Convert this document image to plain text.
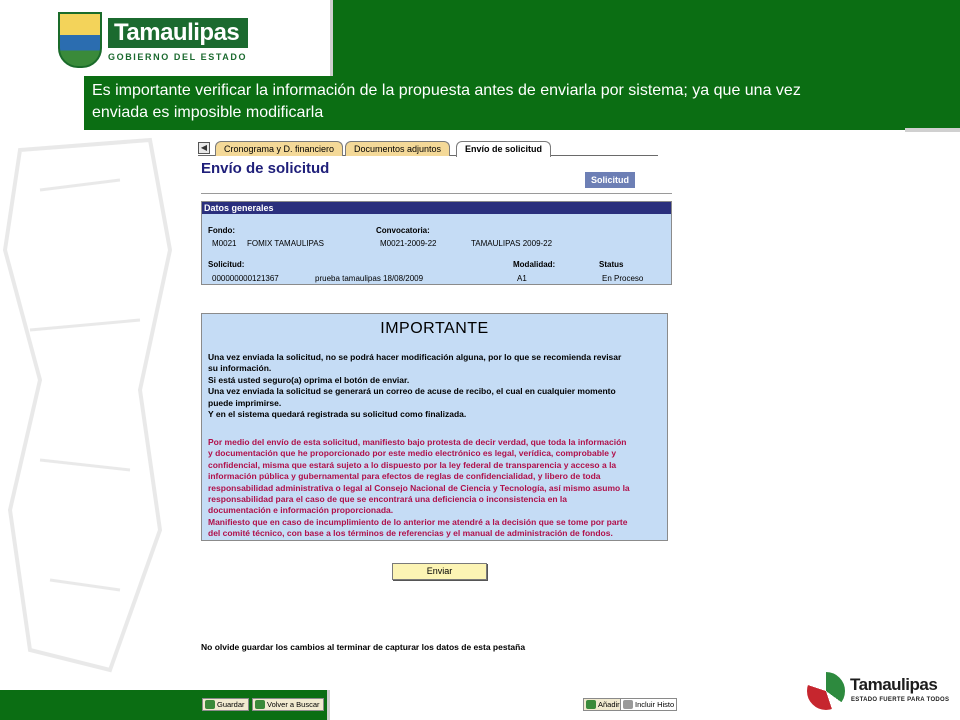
Tamaulipas
GOBIERNO DEL ESTADO
Es importante verificar la información de la propuesta antes de enviarla por sistema; ya que una vez
enviada es imposible modificarla
◀	Cronograma y D. financiero	Documentos adjuntos	Envío de solicitud
Envío de solicitud
Solicitud
Datos generales
Fondo:
M0021 FOMIX TAMAULIPAS
Convocatoria:
M0021-2009-22	TAMAULIPAS 2009-22
Solicitud:
000000000121367	prueba tamaulipas 18/08/2009
Modalidad:
A1
Status
En Proceso
IMPORTANTE
Una vez enviada la solicitud, no se podrá hacer modificación alguna, por lo que se recomienda revisar
su información.
Si está usted seguro(a) oprima el botón de enviar.
Una vez enviada la solicitud se generará un correo de acuse de recibo, el cual en cualquier momento
puede imprimirse.
Y en el sistema quedará registrada su solicitud como finalizada.
Por medio del envío de esta solicitud, manifiesto bajo protesta de decir verdad, que toda la información
y documentación que he proporcionado por este medio electrónico es legal, verídica, comprobable y
confidencial, misma que estará sujeto a lo dispuesto por la ley federal de transparencia y acceso a la
información pública y gubernamental para efectos de reglas de confidencialidad, y libero de toda
responsabilidad administrativa o legal al Consejo Nacional de Ciencia y Tecnología, así mismo asumo la
responsabilidad para el caso de que se encontrará una deficiencia o inconsistencia en la
documentación e información proporcionada.
Manifiesto que en caso de incumplimiento de lo anterior me atendré a la decisión que se tome por parte
del comité técnico, con base a los términos de referencias y el manual de administración de fondos.
Enviar
No olvide guardar los cambios al terminar de capturar los datos de esta pestaña
Guardar	Volver a Buscar	Añadir	Incluir Histo
Tamaulipas
ESTADO FUERTE PARA TODOS
